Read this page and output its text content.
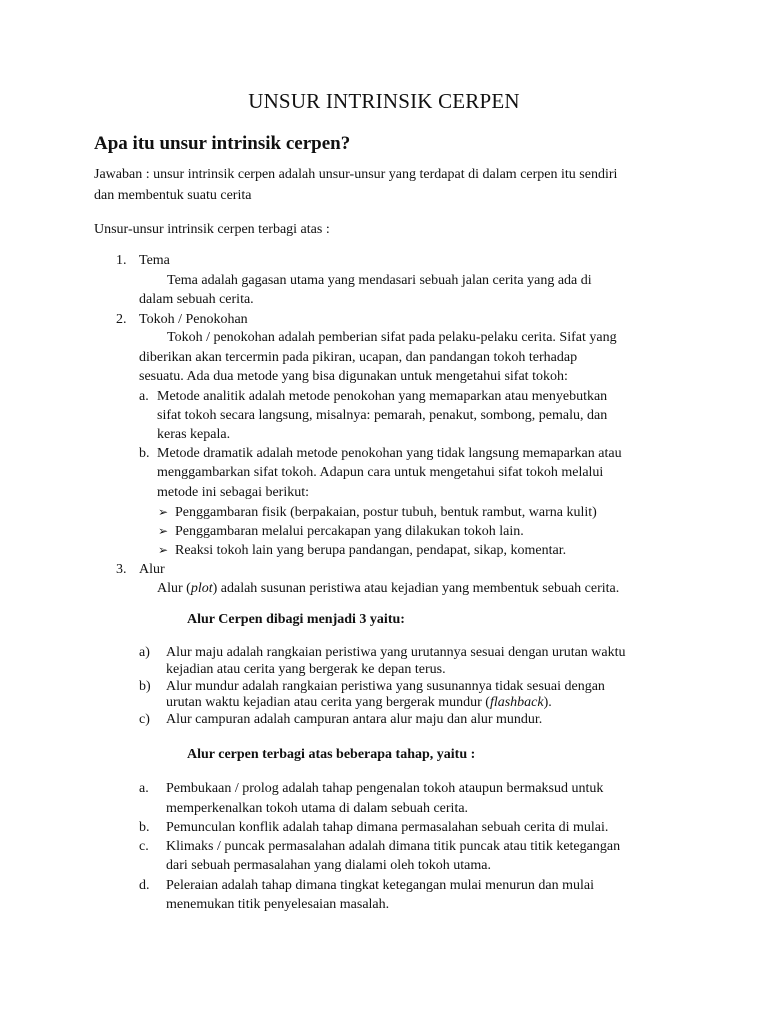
UNSUR INTRINSIK CERPEN
Apa itu unsur intrinsik cerpen?
Jawaban : unsur intrinsik cerpen adalah unsur-unsur yang terdapat di dalam cerpen itu sendiri
dan membentuk suatu cerita
Unsur-unsur intrinsik cerpen terbagi atas :
1. Tema
Tema adalah gagasan utama yang mendasari sebuah jalan cerita yang ada di
dalam sebuah cerita.
2. Tokoh / Penokohan
Tokoh / penokohan adalah pemberian sifat pada pelaku-pelaku cerita. Sifat yang
diberikan akan tercermin pada pikiran, ucapan, dan pandangan tokoh terhadap
sesuatu. Ada dua metode yang bisa digunakan untuk mengetahui sifat tokoh:
a. Metode analitik adalah metode penokohan yang memaparkan atau menyebutkan
sifat tokoh secara langsung, misalnya: pemarah, penakut, sombong, pemalu, dan
keras kepala.
b. Metode dramatik adalah metode penokohan yang tidak langsung memaparkan atau
menggambarkan sifat tokoh. Adapun cara untuk mengetahui sifat tokoh melalui
metode ini sebagai berikut:
➢ Penggambaran fisik (berpakaian, postur tubuh, bentuk rambut, warna kulit)
➢ Penggambaran melalui percakapan yang dilakukan tokoh lain.
➢ Reaksi tokoh lain yang berupa pandangan, pendapat, sikap, komentar.
3. Alur
Alur (plot) adalah susunan peristiwa atau kejadian yang membentuk sebuah cerita.
Alur Cerpen dibagi menjadi 3 yaitu:
a) Alur maju adalah rangkaian peristiwa yang urutannya sesuai dengan urutan waktu
kejadian atau cerita yang bergerak ke depan terus.
b) Alur mundur adalah rangkaian peristiwa yang susunannya tidak sesuai dengan
urutan waktu kejadian atau cerita yang bergerak mundur (flashback).
c) Alur campuran adalah campuran antara alur maju dan alur mundur.
Alur cerpen terbagi atas beberapa tahap, yaitu :
a. Pembukaan / prolog adalah tahap pengenalan tokoh ataupun bermaksud untuk
memperkenalkan tokoh utama di dalam sebuah cerita.
b. Pemunculan konflik adalah tahap dimana permasalahan sebuah cerita di mulai.
c. Klimaks / puncak permasalahan adalah dimana titik puncak atau titik ketegangan
dari sebuah permasalahan yang dialami oleh tokoh utama.
d. Peleraian adalah tahap dimana tingkat ketegangan mulai menurun dan mulai
menemukan titik penyelesaian masalah.
